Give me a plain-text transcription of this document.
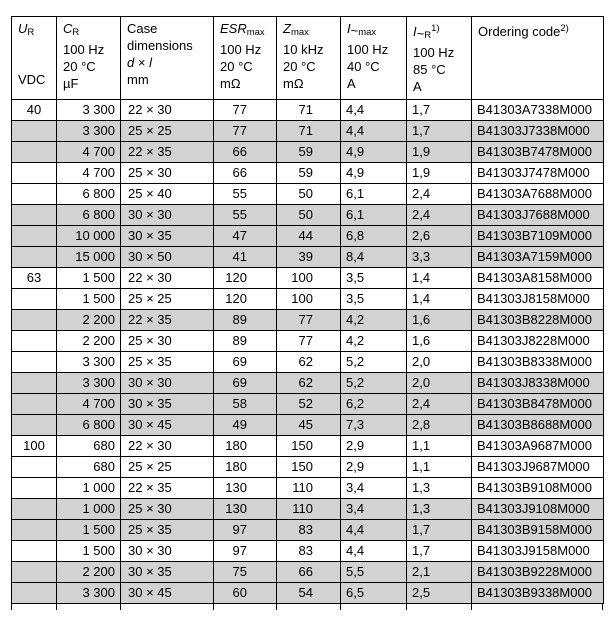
$U_R$
VDC

$C_R$
100 Hz
20 °C
µF

Case
dimensions
d × l
mm

$ESR_{max}$
100 Hz
20 °C
mΩ

$Z_{max}$
10 kHz
20 °C
mΩ

$I\sim_{max}$
100 Hz
40 °C
A

$I\sim_R^{1)}$
100 Hz
85 °C
A

Ordering code$^{2)}$

40	3 300	22 × 30	77	71	4,4	1,7	B41303A7338M000
	3 300	25 × 25	77	71	4,4	1,7	B41303J7338M000
	4 700	22 × 35	66	59	4,9	1,9	B41303B7478M000
	4 700	25 × 30	66	59	4,9	1,9	B41303J7478M000
	6 800	25 × 40	55	50	6,1	2,4	B41303A7688M000
	6 800	30 × 30	55	50	6,1	2,4	B41303J7688M000
	10 000	30 × 35	47	44	6,8	2,6	B41303B7109M000
	15 000	30 × 50	41	39	8,4	3,3	B41303A7159M000
63	1 500	22 × 30	120	100	3,5	1,4	B41303A8158M000
	1 500	25 × 25	120	100	3,5	1,4	B41303J8158M000
	2 200	22 × 35	89	77	4,2	1,6	B41303B8228M000
	2 200	25 × 30	89	77	4,2	1,6	B41303J8228M000
	3 300	25 × 35	69	62	5,2	2,0	B41303B8338M000
	3 300	30 × 30	69	62	5,2	2,0	B41303J8338M000
	4 700	30 × 35	58	52	6,2	2,4	B41303B8478M000
	6 800	30 × 45	49	45	7,3	2,8	B41303B8688M000
100	680	22 × 30	180	150	2,9	1,1	B41303A9687M000
	680	25 × 25	180	150	2,9	1,1	B41303J9687M000
	1 000	22 × 35	130	110	3,4	1,3	B41303B9108M000
	1 000	25 × 30	130	110	3,4	1,3	B41303J9108M000
	1 500	25 × 35	97	83	4,4	1,7	B41303B9158M000
	1 500	30 × 30	97	83	4,4	1,7	B41303J9158M000
	2 200	30 × 35	75	66	5,5	2,1	B41303B9228M000
	3 300	30 × 45	60	54	6,5	2,5	B41303B9338M000
